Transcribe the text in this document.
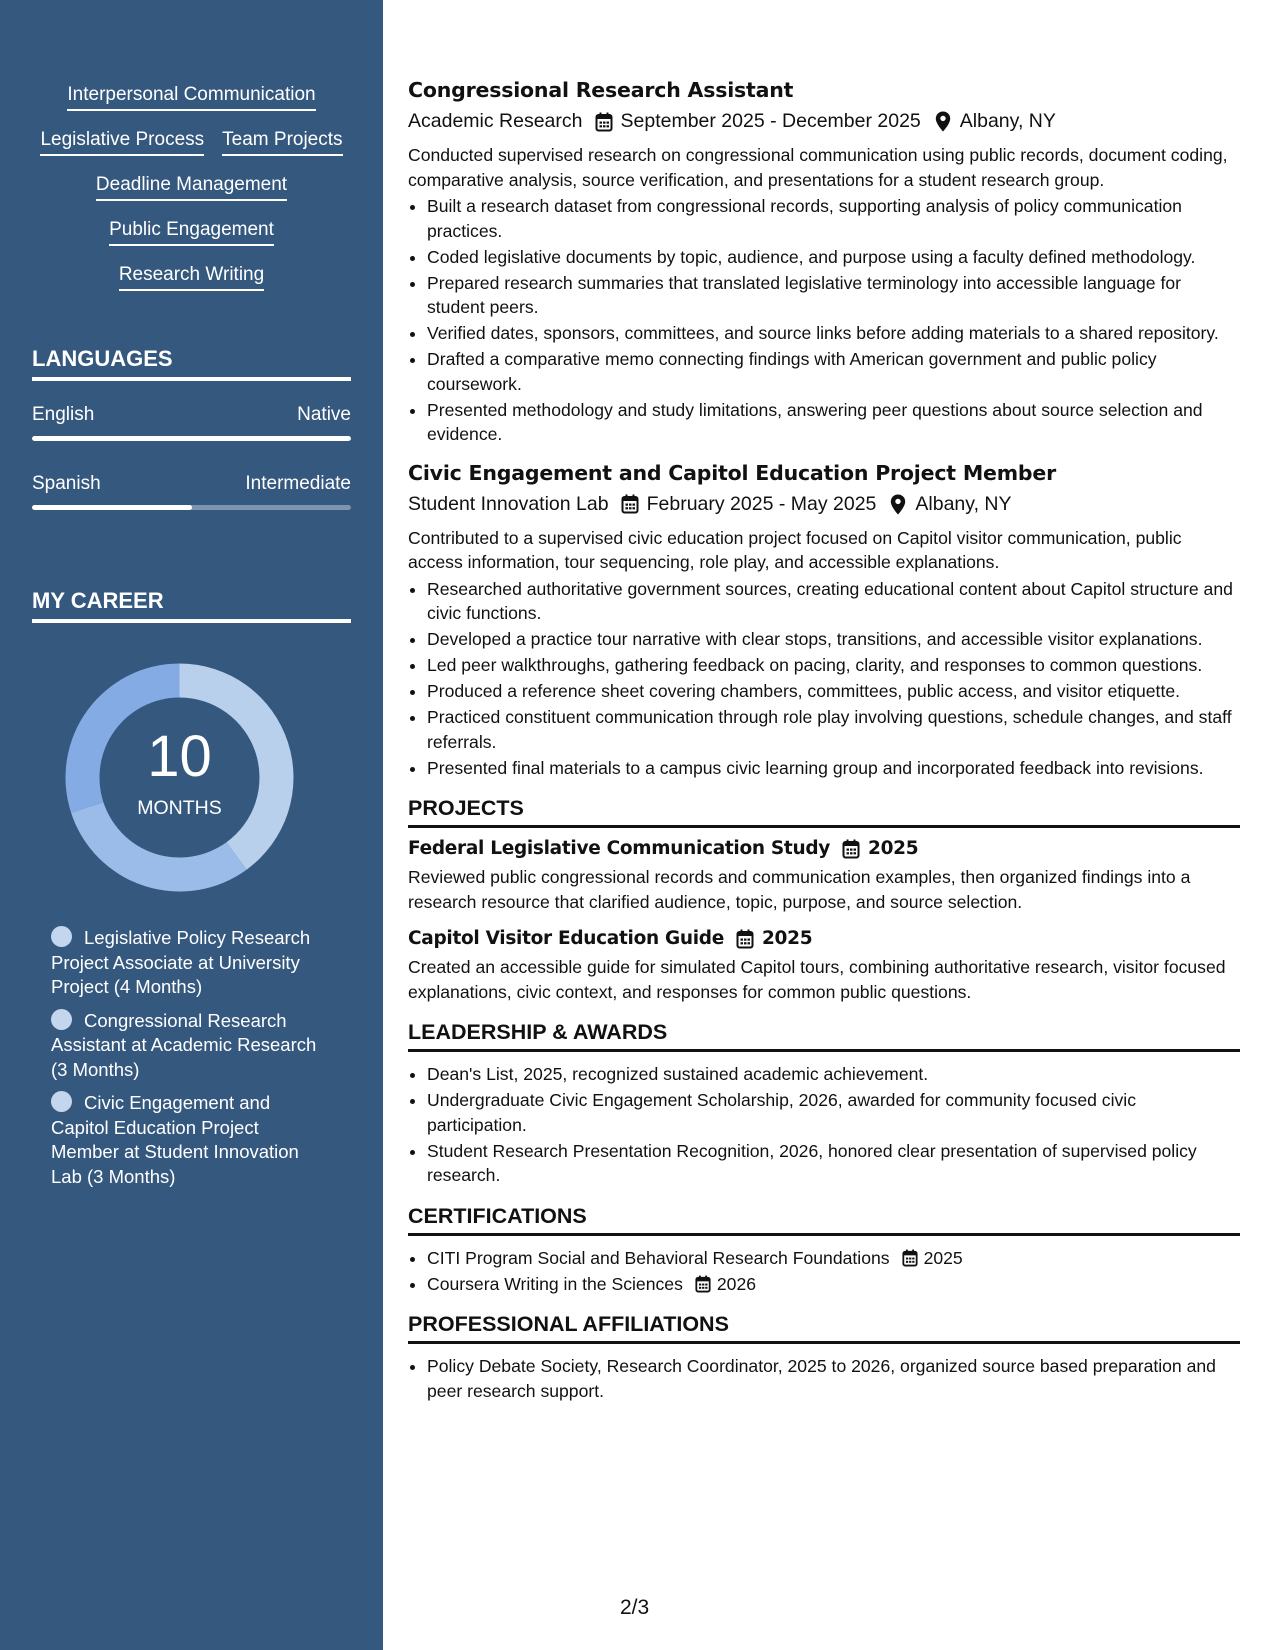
Interpersonal Communication
Legislative Process Team Projects
Deadline Management
Public Engagement
Research Writing
LANGUAGES
English	Native
Spanish	Intermediate
MY CAREER
10
MONTHS
Legislative Policy Research Project Associate at University Project (4 Months)
Congressional Research Assistant at Academic Research (3 Months)
Civic Engagement and Capitol Education Project Member at Student Innovation Lab (3 Months)
Congressional Research Assistant
Academic Research September 2025 - December 2025 Albany, NY

Conducted supervised research on congressional communication using public records, document coding, comparative analysis, source verification, and presentations for a student research group.

• Built a research dataset from congressional records, supporting analysis of policy communication practices.
• Coded legislative documents by topic, audience, and purpose using a faculty defined methodology.
• Prepared research summaries that translated legislative terminology into accessible language for student peers.
• Verified dates, sponsors, committees, and source links before adding materials to a shared repository.
• Drafted a comparative memo connecting findings with American government and public policy coursework.
• Presented methodology and study limitations, answering peer questions about source selection and evidence.
Civic Engagement and Capitol Education Project Member
Student Innovation Lab February 2025 - May 2025 Albany, NY

Contributed to a supervised civic education project focused on Capitol visitor communication, public access information, tour sequencing, role play, and accessible explanations.

• Researched authoritative government sources, creating educational content about Capitol structure and civic functions.
• Developed a practice tour narrative with clear stops, transitions, and accessible visitor explanations.
• Led peer walkthroughs, gathering feedback on pacing, clarity, and responses to common questions.
• Produced a reference sheet covering chambers, committees, public access, and visitor etiquette.
• Practiced constituent communication through role play involving questions, schedule changes, and staff referrals.
• Presented final materials to a campus civic learning group and incorporated feedback into revisions.
PROJECTS
Federal Legislative Communication Study 2025

Reviewed public congressional records and communication examples, then organized findings into a research resource that clarified audience, topic, purpose, and source selection.

Capitol Visitor Education Guide 2025

Created an accessible guide for simulated Capitol tours, combining authoritative research, visitor focused explanations, civic context, and responses for common public questions.

LEADERSHIP & AWARDS
• Dean's List, 2025, recognized sustained academic achievement.
• Undergraduate Civic Engagement Scholarship, 2026, awarded for community focused civic participation.
• Student Research Presentation Recognition, 2026, honored clear presentation of supervised policy research.
CERTIFICATIONS
• CITI Program Social and Behavioral Research Foundations 2025
• Coursera Writing in the Sciences 2026
PROFESSIONAL AFFILIATIONS
• Policy Debate Society, Research Coordinator, 2025 to 2026, organized source based preparation and peer research support.
2/3
